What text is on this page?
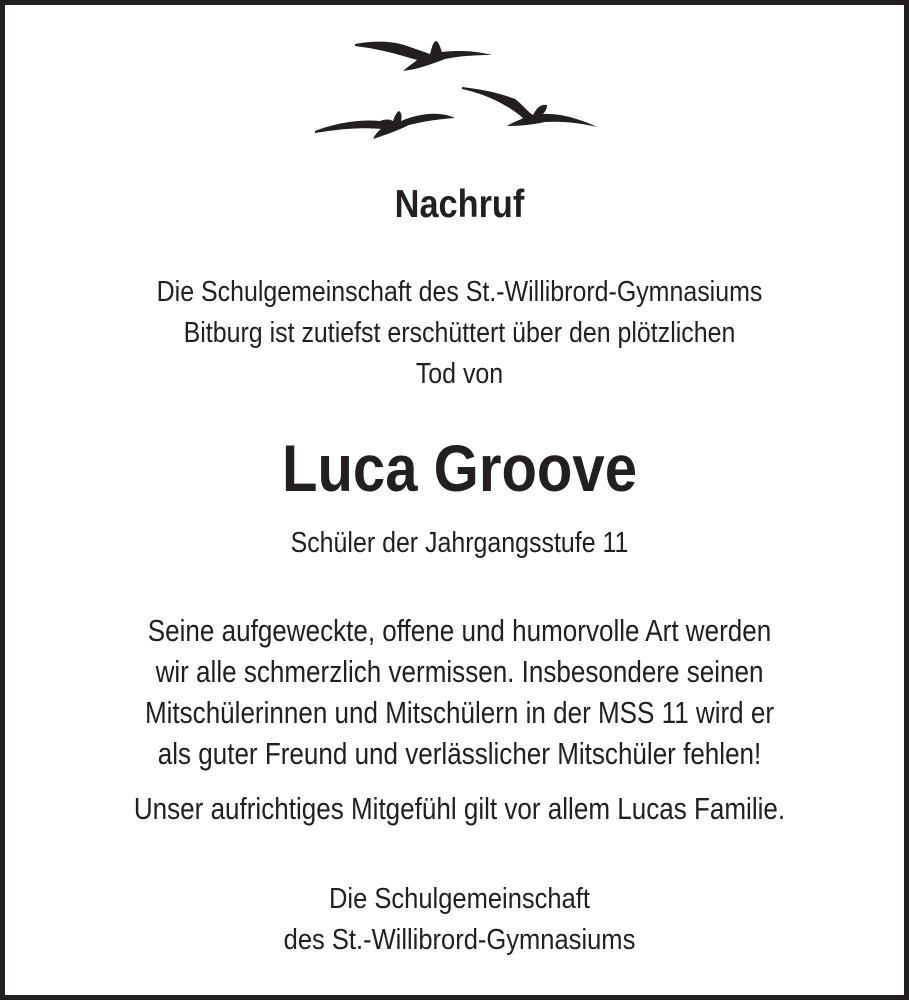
Nachruf
Die Schulgemeinschaft des St.-Willibrord-Gymnasiums
Bitburg ist zutiefst erschüttert über den plötzlichen
Tod von
Luca Groove
Schüler der Jahrgangsstufe 11
Seine aufgeweckte, offene und humorvolle Art werden
wir alle schmerzlich vermissen. Insbesondere seinen
Mitschülerinnen und Mitschülern in der MSS 11 wird er
als guter Freund und verlässlicher Mitschüler fehlen!
Unser aufrichtiges Mitgefühl gilt vor allem Lucas Familie.
Die Schulgemeinschaft
des St.-Willibrord-Gymnasiums
